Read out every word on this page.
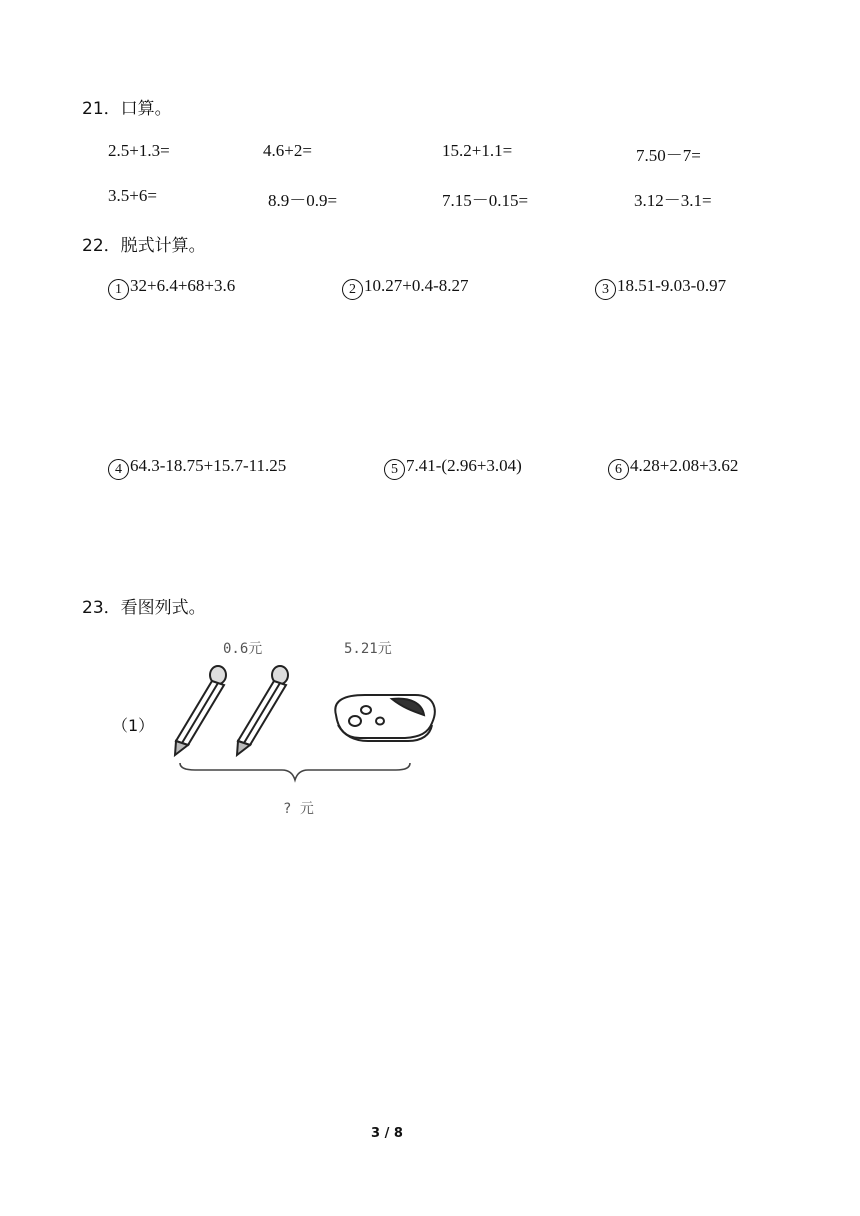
21．口算。
2.5+1.3=	4.6+2=	15.2+1.1=	7.50－7=
3.5+6=	8.9－0.9=	7.15－0.15=	3.12－3.1=
22．脱式计算。
1 32+6.4+68+3.6	2 10.27+0.4-8.27	3 18.51-9.03-0.97
4 64.3-18.75+15.7-11.25	5 7.41-(2.96+3.04)	6 4.28+2.08+3.62
23．看图列式。
（1）
0.6元	5.21元
? 元
3 / 8
